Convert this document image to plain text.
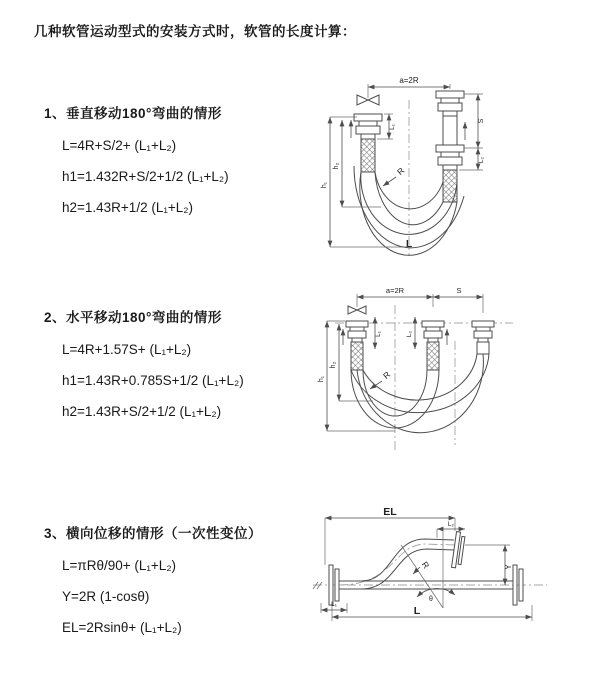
几种软管运动型式的安装方式时，软管的长度计算：
1、垂直移动180°弯曲的情形
L=4R+S/2+ (L₁+L₂)
h1=1.432R+S/2+1/2 (L₁+L₂)
h2=1.43R+1/2 (L₁+L₂)
2、水平移动180°弯曲的情形
L=4R+1.57S+ (L₁+L₂)
h1=1.43R+0.785S+1/2 (L₁+L₂)
h2=1.43R+S/2+1/2 (L₁+L₂)
3、横向位移的情形（一次性变位）
L=πRθ/90+ (L₁+L₂)
Y=2R (1-cosθ)
EL=2Rsinθ+ (L₁+L₂)
a=2R
R
L
h₁
h₂
S
L₂
L₁
a=2R	S
R
h₁
h₂
L₁	L₂
EL
L₂
θ
R	Y
L
L₁
